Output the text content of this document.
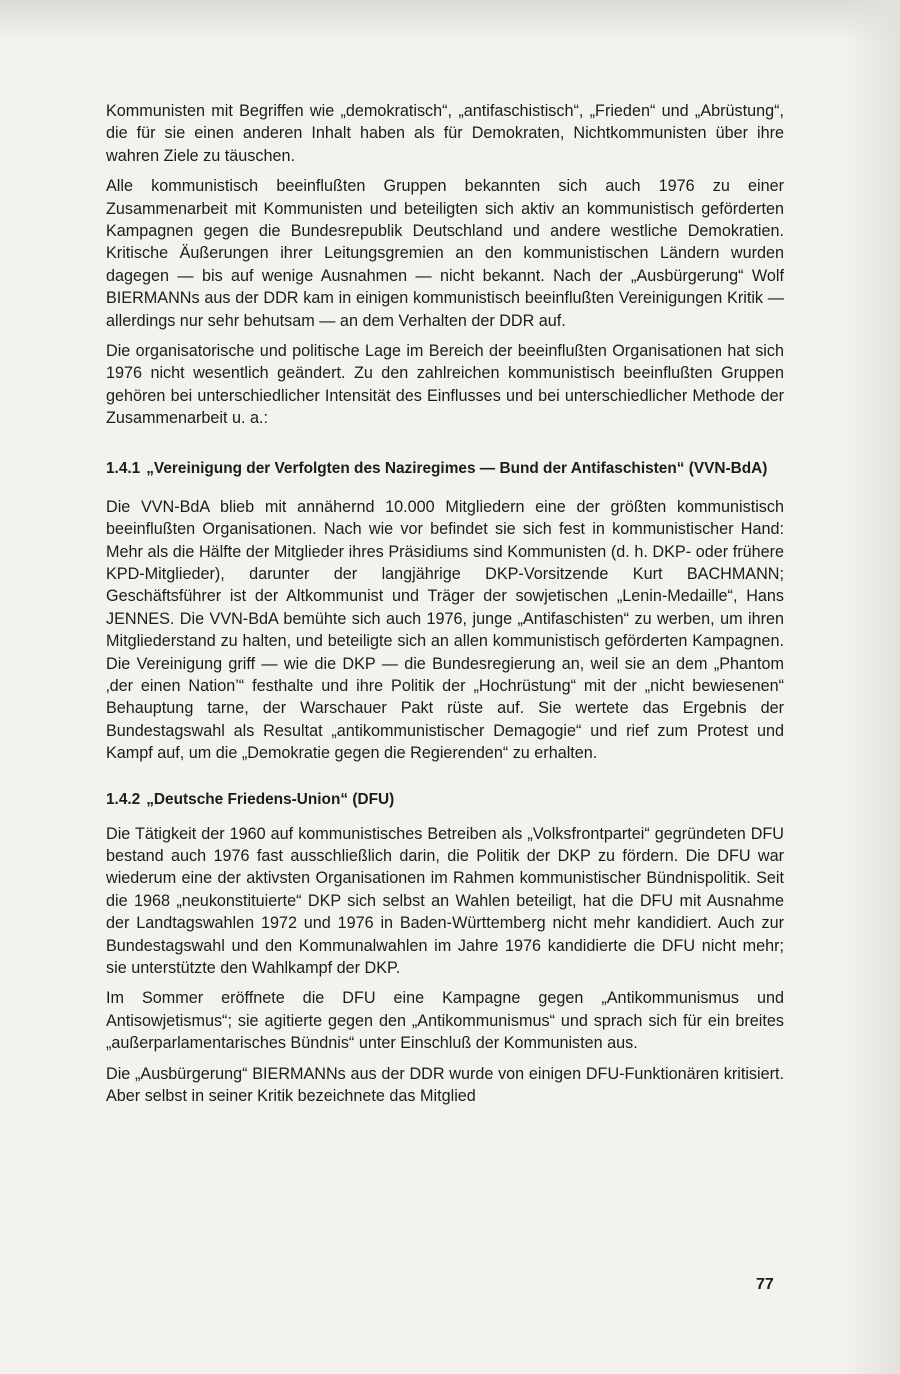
Kommunisten mit Begriffen wie „demokratisch“, „antifaschistisch“, „Frieden“ und „Abrüstung“, die für sie einen anderen Inhalt haben als für Demokraten, Nichtkommunisten über ihre wahren Ziele zu täuschen.

Alle kommunistisch beeinflußten Gruppen bekannten sich auch 1976 zu einer Zusammenarbeit mit Kommunisten und beteiligten sich aktiv an kommunistisch geförderten Kampagnen gegen die Bundesrepublik Deutschland und andere westliche Demokratien. Kritische Äußerungen ihrer Leitungsgremien an den kommunistischen Ländern wurden dagegen — bis auf wenige Ausnahmen — nicht bekannt. Nach der „Ausbürgerung“ Wolf BIERMANNs aus der DDR kam in einigen kommunistisch beeinflußten Vereinigungen Kritik — allerdings nur sehr behutsam — an dem Verhalten der DDR auf.

Die organisatorische und politische Lage im Bereich der beeinflußten Organisationen hat sich 1976 nicht wesentlich geändert. Zu den zahlreichen kommunistisch beeinflußten Gruppen gehören bei unterschiedlicher Intensität des Einflusses und bei unterschiedlicher Methode der Zusammenarbeit u. a.:

1.4.1 „Vereinigung der Verfolgten des Naziregimes — Bund der Antifaschisten“ (VVN-BdA)

Die VVN-BdA blieb mit annähernd 10.000 Mitgliedern eine der größten kommunistisch beeinflußten Organisationen. Nach wie vor befindet sie sich fest in kommunistischer Hand: Mehr als die Hälfte der Mitglieder ihres Präsidiums sind Kommunisten (d. h. DKP- oder frühere KPD-Mitglieder), darunter der langjährige DKP-Vorsitzende Kurt BACHMANN; Geschäftsführer ist der Altkommunist und Träger der sowjetischen „Lenin-Medaille“, Hans JENNES. Die VVN-BdA bemühte sich auch 1976, junge „Antifaschisten“ zu werben, um ihren Mitgliederstand zu halten, und beteiligte sich an allen kommunistisch geförderten Kampagnen. Die Vereinigung griff — wie die DKP — die Bundesregierung an, weil sie an dem „Phantom ‚der einen Nation’“ festhalte und ihre Politik der „Hochrüstung“ mit der „nicht bewiesenen“ Behauptung tarne, der Warschauer Pakt rüste auf. Sie wertete das Ergebnis der Bundestagswahl als Resultat „antikommunistischer Demagogie“ und rief zum Protest und Kampf auf, um die „Demokratie gegen die Regierenden“ zu erhalten.

1.4.2 „Deutsche Friedens-Union“ (DFU)

Die Tätigkeit der 1960 auf kommunistisches Betreiben als „Volksfrontpartei“ gegründeten DFU bestand auch 1976 fast ausschließlich darin, die Politik der DKP zu fördern. Die DFU war wiederum eine der aktivsten Organisationen im Rahmen kommunistischer Bündnispolitik. Seit die 1968 „neukonstituierte“ DKP sich selbst an Wahlen beteiligt, hat die DFU mit Ausnahme der Landtagswahlen 1972 und 1976 in Baden-Württemberg nicht mehr kandidiert. Auch zur Bundestagswahl und den Kommunalwahlen im Jahre 1976 kandidierte die DFU nicht mehr; sie unterstützte den Wahlkampf der DKP.

Im Sommer eröffnete die DFU eine Kampagne gegen „Antikommunismus und Antisowjetismus“; sie agitierte gegen den „Antikommunismus“ und sprach sich für ein breites „außerparlamentarisches Bündnis“ unter Einschluß der Kommunisten aus.

Die „Ausbürgerung“ BIERMANNs aus der DDR wurde von einigen DFU-Funktionären kritisiert. Aber selbst in seiner Kritik bezeichnete das Mitglied

77
